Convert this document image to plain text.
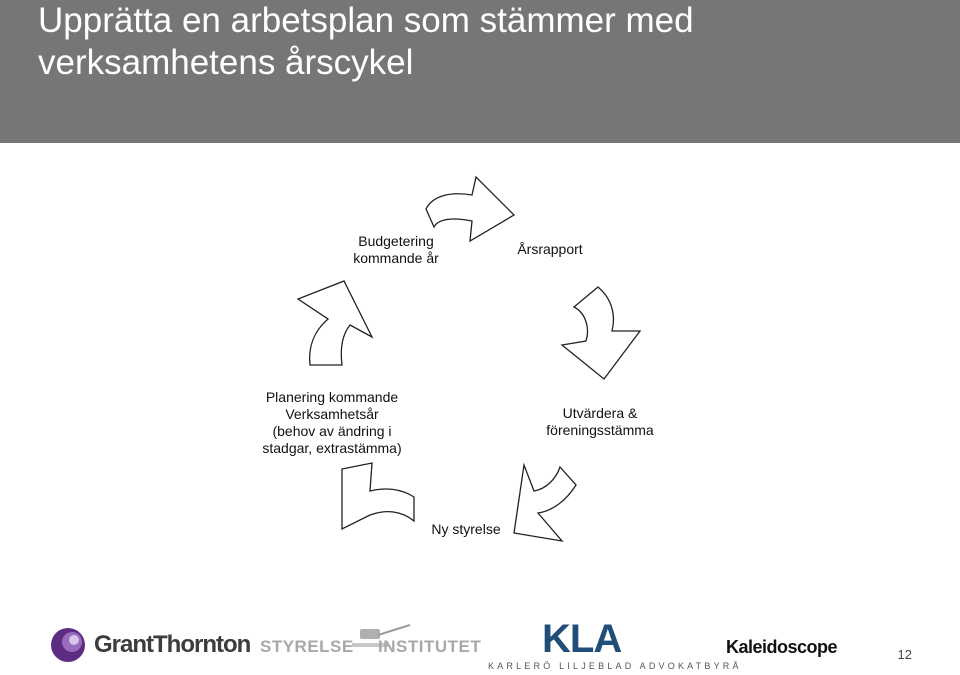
Upprätta en arbetsplan som stämmer med
verksamhetens årscykel
Budgetering
kommande år
Årsrapport
Utvärdera &
föreningsstämma
Ny styrelse
Planering kommande
Verksamhetsår
(behov av ändring i
stadgar, extrastämma)
GrantThornton STYRELSE INSTITUTET KLA
KARLERÖ LILJEBLAD ADVOKATBYRÅ
Kaleidoscope	12
